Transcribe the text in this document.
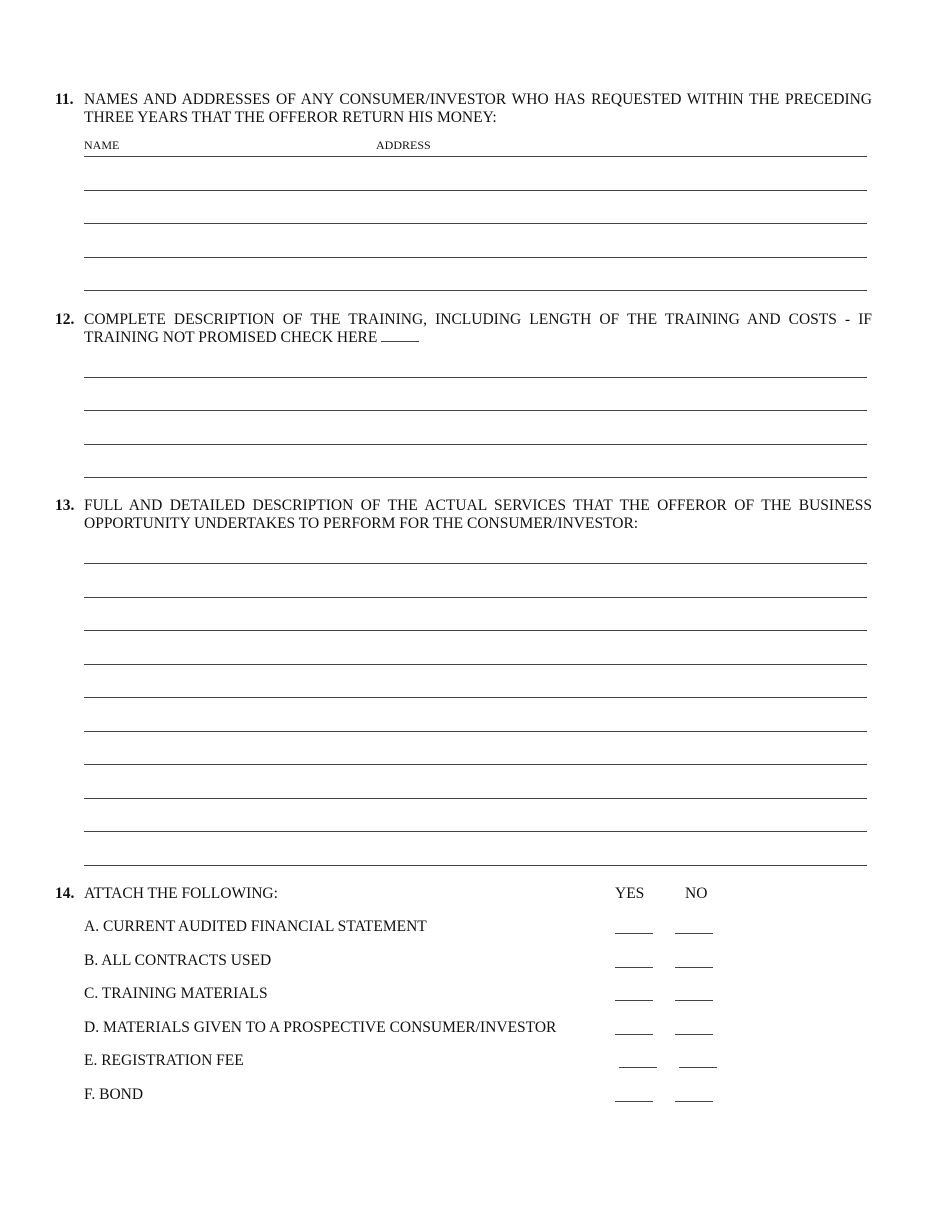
11. NAMES AND ADDRESSES OF ANY CONSUMER/INVESTOR WHO HAS REQUESTED WITHIN THE PRECEDING THREE YEARS THAT THE OFFEROR RETURN HIS MONEY:
NAME	ADDRESS
12. COMPLETE DESCRIPTION OF THE TRAINING, INCLUDING LENGTH OF THE TRAINING AND COSTS - IF TRAINING NOT PROMISED CHECK HERE
13. FULL AND DETAILED DESCRIPTION OF THE ACTUAL SERVICES THAT THE OFFEROR OF THE BUSINESS OPPORTUNITY UNDERTAKES TO PERFORM FOR THE CONSUMER/INVESTOR:
14. ATTACH THE FOLLOWING:	YES	NO
A. CURRENT AUDITED FINANCIAL STATEMENT
B. ALL CONTRACTS USED
C. TRAINING MATERIALS
D. MATERIALS GIVEN TO A PROSPECTIVE CONSUMER/INVESTOR
E. REGISTRATION FEE
F. BOND
